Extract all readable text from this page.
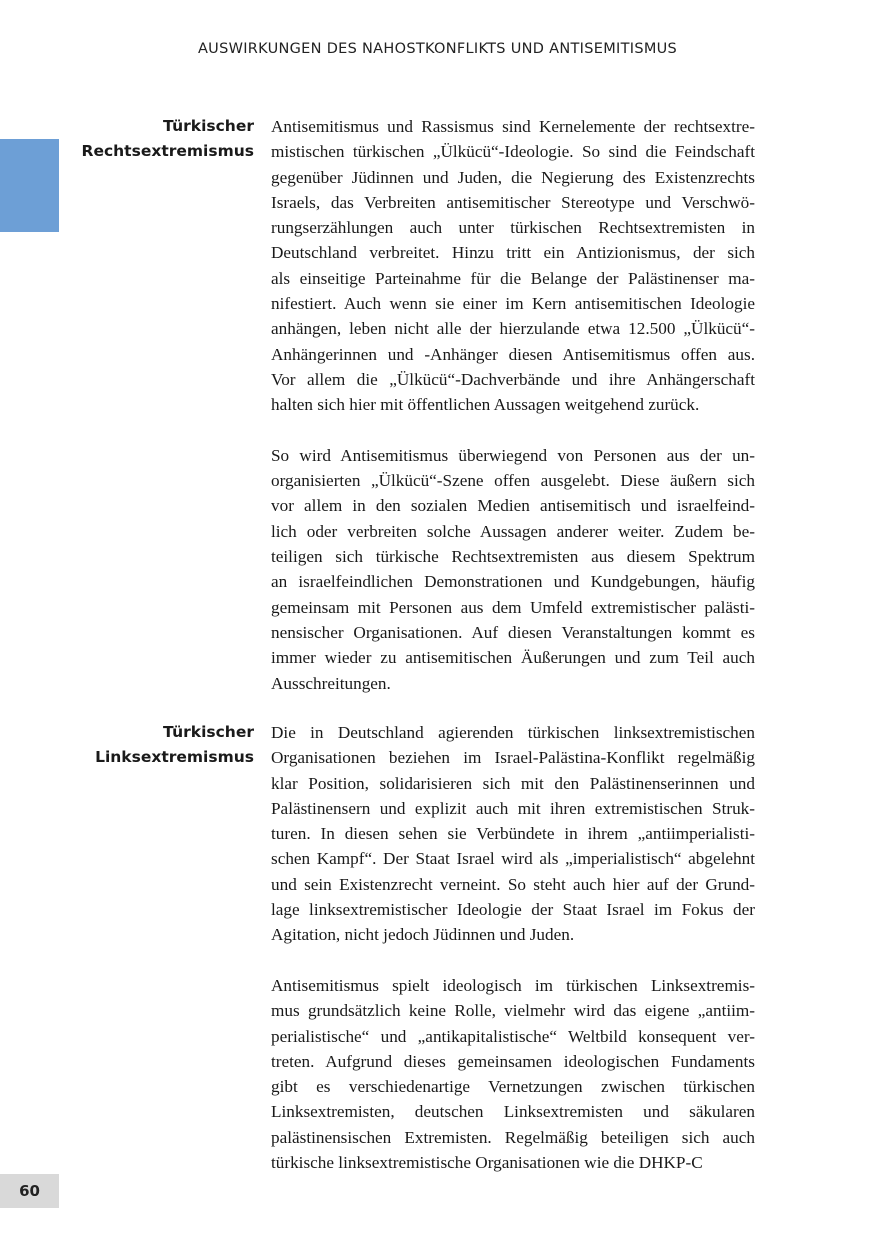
AUSWIRKUNGEN DES NAHOSTKONFLIKTS UND ANTISEMITISMUS
Türkischer
Rechtsextremismus
Antisemitismus und Rassismus sind Kernelemente der rechtsextre-
mistischen türkischen „Ülkücü“-Ideologie. So sind die Feindschaft
gegenüber Jüdinnen und Juden, die Negierung des Existenzrechts
Israels, das Verbreiten antisemitischer Stereotype und Verschwö-
rungserzählungen auch unter türkischen Rechtsextremisten in
Deutschland verbreitet. Hinzu tritt ein Antizionismus, der sich
als einseitige Parteinahme für die Belange der Palästinenser ma-
nifestiert. Auch wenn sie einer im Kern antisemitischen Ideologie
anhängen, leben nicht alle der hierzulande etwa 12.500 „Ülkücü“-
Anhängerinnen und -Anhänger diesen Antisemitismus offen aus.
Vor allem die „Ülkücü“-Dachverbände und ihre Anhängerschaft
halten sich hier mit öffentlichen Aussagen weitgehend zurück.
So wird Antisemitismus überwiegend von Personen aus der un-
organisierten „Ülkücü“-Szene offen ausgelebt. Diese äußern sich
vor allem in den sozialen Medien antisemitisch und israelfeind-
lich oder verbreiten solche Aussagen anderer weiter. Zudem be-
teiligen sich türkische Rechtsextremisten aus diesem Spektrum
an israelfeindlichen Demonstrationen und Kundgebungen, häufig
gemeinsam mit Personen aus dem Umfeld extremistischer palästi-
nensischer Organisationen. Auf diesen Veranstaltungen kommt es
immer wieder zu antisemitischen Äußerungen und zum Teil auch
Ausschreitungen.
Türkischer
Linksextremismus
Die in Deutschland agierenden türkischen linksextremistischen
Organisationen beziehen im Israel-Palästina-Konflikt regelmäßig
klar Position, solidarisieren sich mit den Palästinenserinnen und
Palästinensern und explizit auch mit ihren extremistischen Struk-
turen. In diesen sehen sie Verbündete in ihrem „antiimperialisti-
schen Kampf“. Der Staat Israel wird als „imperialistisch“ abgelehnt
und sein Existenzrecht verneint. So steht auch hier auf der Grund-
lage linksextremistischer Ideologie der Staat Israel im Fokus der
Agitation, nicht jedoch Jüdinnen und Juden.
Antisemitismus spielt ideologisch im türkischen Linksextremis-
mus grundsätzlich keine Rolle, vielmehr wird das eigene „antiim-
perialistische“ und „antikapitalistische“ Weltbild konsequent ver-
treten. Aufgrund dieses gemeinsamen ideologischen Fundaments
gibt es verschiedenartige Vernetzungen zwischen türkischen
Linksextremisten, deutschen Linksextremisten und säkularen
palästinensischen Extremisten. Regelmäßig beteiligen sich auch
türkische linksextremistische Organisationen wie die DHKP-C
60
